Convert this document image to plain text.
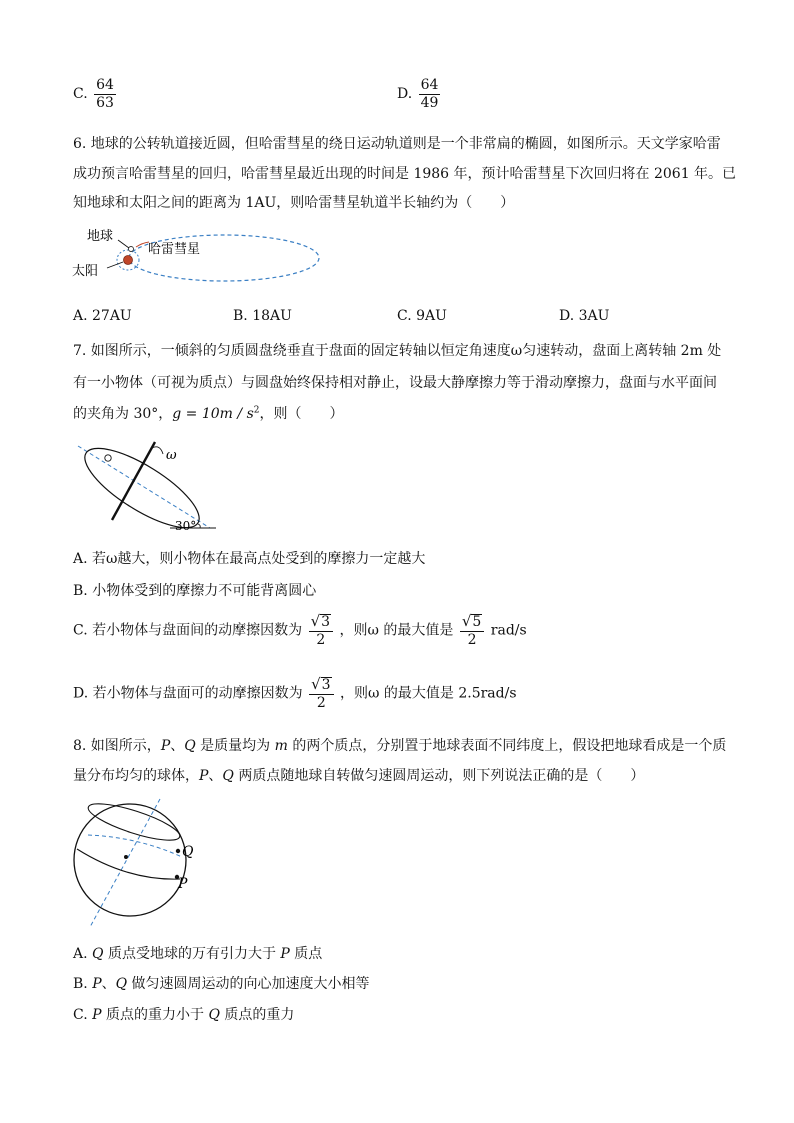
C. $\frac{64}{63}$	D. $\frac{64}{49}$
6. 地球的公转轨道接近圆，但哈雷彗星的绕日运动轨道则是一个非常扁的椭圆，如图所示。天文学家哈雷
成功预言哈雷彗星的回归，哈雷彗星最近出现的时间是 1986 年，预计哈雷彗星下次回归将在 2061 年。已
知地球和太阳之间的距离为 1AU，则哈雷彗星轨道半长轴约为（　　）
地球
哈雷彗星
太阳
A. 27AU	B. 18AU	C. 9AU	D. 3AU
7. 如图所示，一倾斜的匀质圆盘绕垂直于盘面的固定转轴以恒定角速度ω匀速转动，盘面上离转轴 2m 处
有一小物体（可视为质点）与圆盘始终保持相对静止，设最大静摩擦力等于滑动摩擦力，盘面与水平面间
的夹角为 30°，$g = 10m / s^2$，则（　　）
ω
30°
A. 若ω越大，则小物体在最高点处受到的摩擦力一定越大
B. 小物体受到的摩擦力不可能背离圆心
C. 若小物体与盘面间的动摩擦因数为 $\frac{√ 3}{2}$ ，则ω 的最大值是 $\frac{√ 5}{2} rad/s$
D. 若小物体与盘面可的动摩擦因数为 $\frac{√ 3}{2}$ ，则ω 的最大值是 2.5rad/s
8. 如图所示，P、Q 是质量均为 m 的两个质点，分别置于地球表面不同纬度上，假设把地球看成是一个质
量分布均匀的球体，P、Q 两质点随地球自转做匀速圆周运动，则下列说法正确的是（　　）
Q
P
A. Q 质点受地球的万有引力大于 P 质点
B. P、Q 做匀速圆周运动的向心加速度大小相等
C. P 质点的重力小于 Q 质点的重力
